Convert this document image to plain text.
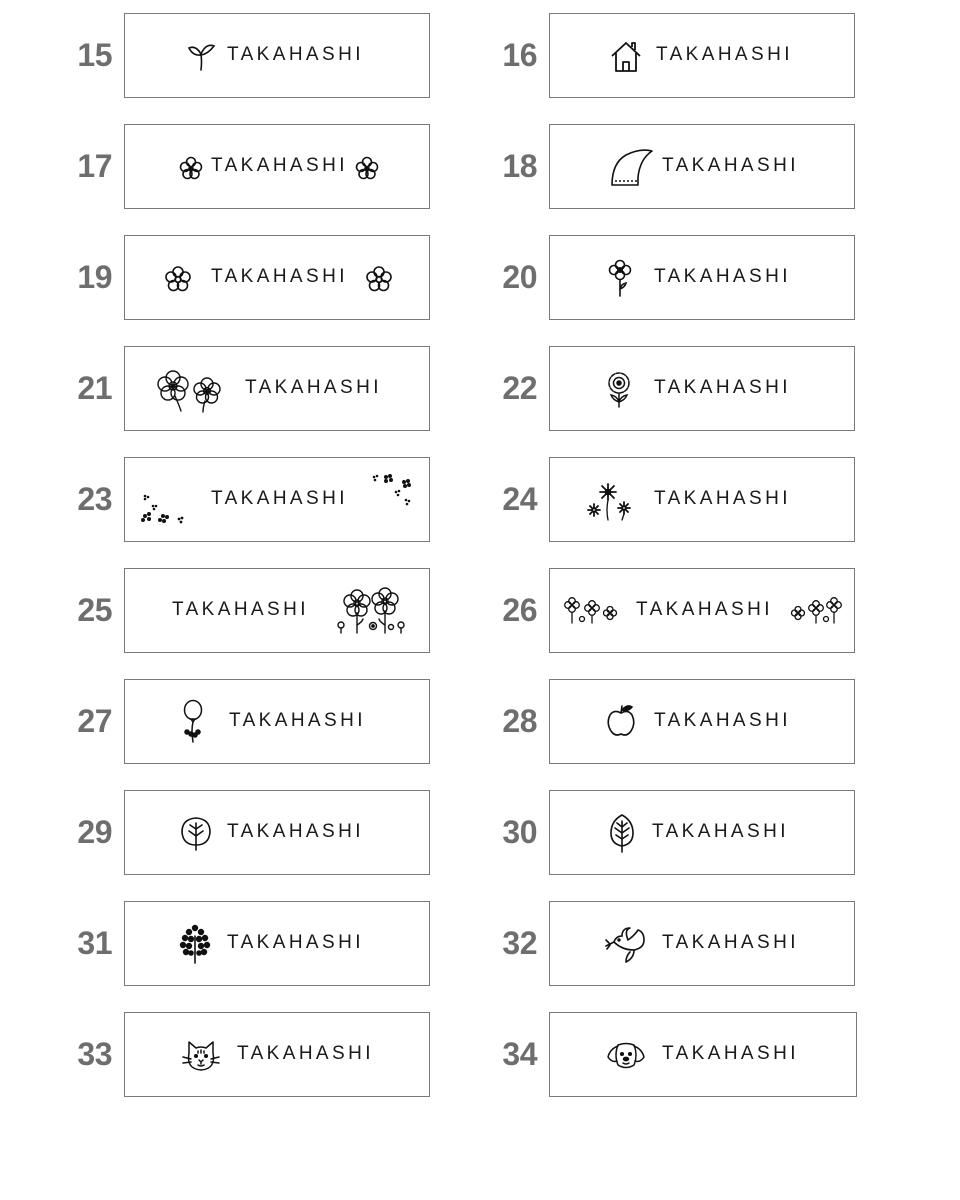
15	TAKAHASHI	16	TAKAHASHI
17	TAKAHASHI	18	TAKAHASHI
19	TAKAHASHI	20	TAKAHASHI
21	TAKAHASHI	22	TAKAHASHI
23	TAKAHASHI	24	TAKAHASHI
25	TAKAHASHI	26	TAKAHASHI
27	TAKAHASHI	28	TAKAHASHI
29	TAKAHASHI	30	TAKAHASHI
31	TAKAHASHI	32	TAKAHASHI
33	TAKAHASHI	34	TAKAHASHI
